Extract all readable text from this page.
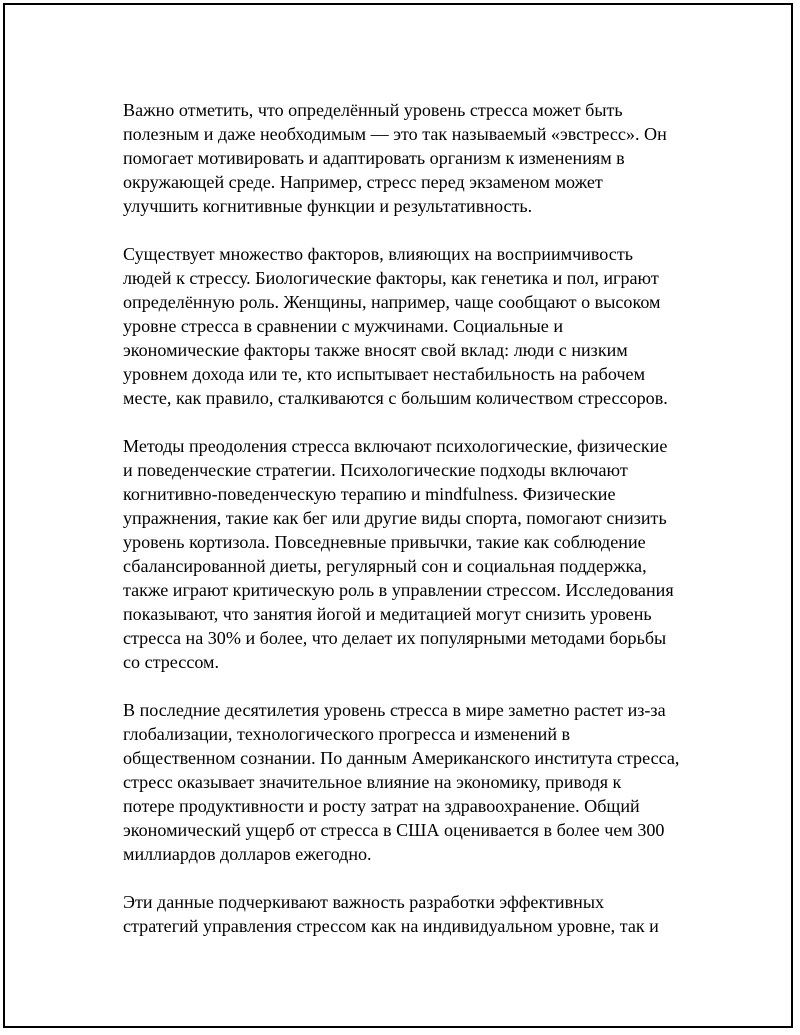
Важно отметить, что определённый уровень стресса может быть
полезным и даже необходимым — это так называемый «эвстресс». Он
помогает мотивировать и адаптировать организм к изменениям в
окружающей среде. Например, стресс перед экзаменом может
улучшить когнитивные функции и результативность.
Существует множество факторов, влияющих на восприимчивость
людей к стрессу. Биологические факторы, как генетика и пол, играют
определённую роль. Женщины, например, чаще сообщают о высоком
уровне стресса в сравнении с мужчинами. Социальные и
экономические факторы также вносят свой вклад: люди с низким
уровнем дохода или те, кто испытывает нестабильность на рабочем
месте, как правило, сталкиваются с большим количеством стрессоров.
Методы преодоления стресса включают психологические, физические
и поведенческие стратегии. Психологические подходы включают
когнитивно-поведенческую терапию и mindfulness. Физические
упражнения, такие как бег или другие виды спорта, помогают снизить
уровень кортизола. Повседневные привычки, такие как соблюдение
сбалансированной диеты, регулярный сон и социальная поддержка,
также играют критическую роль в управлении стрессом. Исследования
показывают, что занятия йогой и медитацией могут снизить уровень
стресса на 30% и более, что делает их популярными методами борьбы
со стрессом.
В последние десятилетия уровень стресса в мире заметно растет из-за
глобализации, технологического прогресса и изменений в
общественном сознании. По данным Американского института стресса,
стресс оказывает значительное влияние на экономику, приводя к
потере продуктивности и росту затрат на здравоохранение. Общий
экономический ущерб от стресса в США оценивается в более чем 300
миллиардов долларов ежегодно.
Эти данные подчеркивают важность разработки эффективных
стратегий управления стрессом как на индивидуальном уровне, так и
